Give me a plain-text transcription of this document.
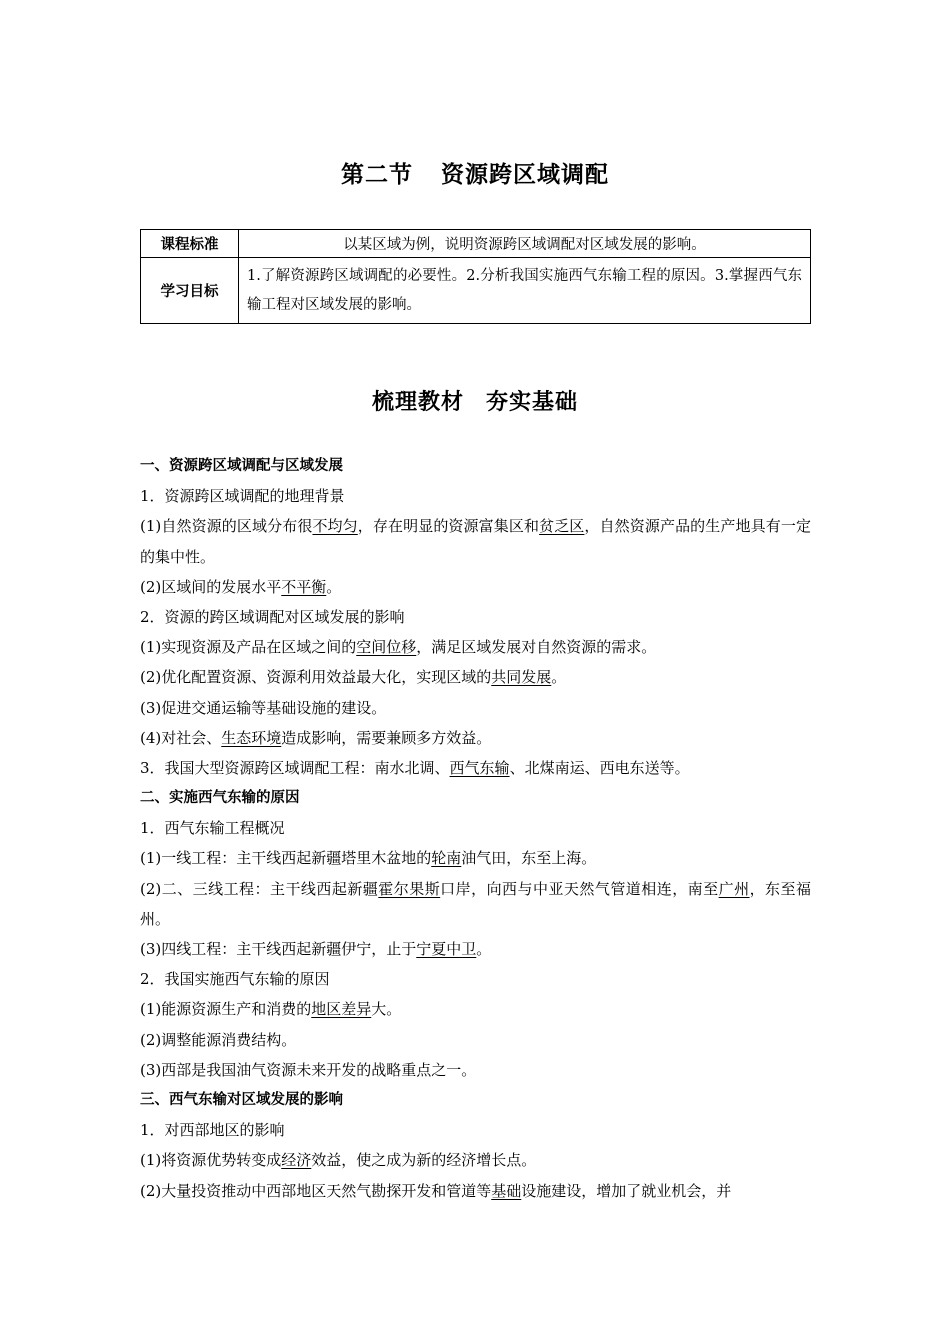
第二节 资源跨区域调配
课程标准	以某区域为例，说明资源跨区域调配对区域发展的影响。
学习目标	1.了解资源跨区域调配的必要性。2.分析我国实施西气东输工程的原因。3.掌握西气东输工程对区域发展的影响。
梳理教材 夯实基础
一、资源跨区域调配与区域发展
1．资源跨区域调配的地理背景
(1)自然资源的区域分布很不均匀，存在明显的资源富集区和贫乏区，自然资源产品的生产地具有一定的集中性。
(2)区域间的发展水平不平衡。
2．资源的跨区域调配对区域发展的影响
(1)实现资源及产品在区域之间的空间位移，满足区域发展对自然资源的需求。
(2)优化配置资源、资源利用效益最大化，实现区域的共同发展。
(3)促进交通运输等基础设施的建设。
(4)对社会、生态环境造成影响，需要兼顾多方效益。
3．我国大型资源跨区域调配工程：南水北调、西气东输、北煤南运、西电东送等。
二、实施西气东输的原因
1．西气东输工程概况
(1)一线工程：主干线西起新疆塔里木盆地的轮南油气田，东至上海。
(2)二、三线工程：主干线西起新疆霍尔果斯口岸，向西与中亚天然气管道相连，南至广州，东至福州。
(3)四线工程：主干线西起新疆伊宁，止于宁夏中卫。
2．我国实施西气东输的原因
(1)能源资源生产和消费的地区差异大。
(2)调整能源消费结构。
(3)西部是我国油气资源未来开发的战略重点之一。
三、西气东输对区域发展的影响
1．对西部地区的影响
(1)将资源优势转变成经济效益，使之成为新的经济增长点。
(2)大量投资推动中西部地区天然气勘探开发和管道等基础设施建设，增加了就业机会，并
